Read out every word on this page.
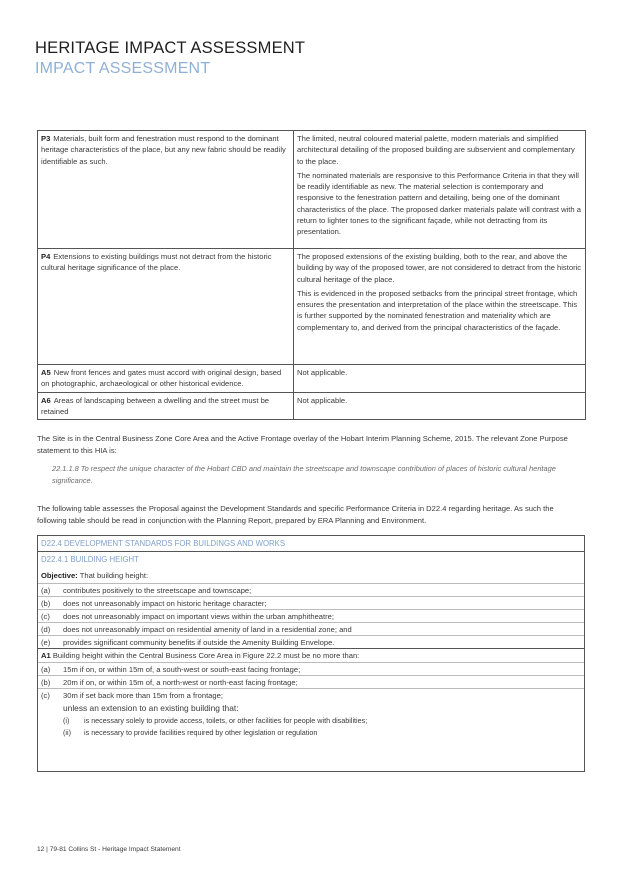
HERITAGE IMPACT ASSESSMENT
IMPACT ASSESSMENT
P3 Materials, built form and fenestration must respond to the dominant heritage characteristics of the place, but any new fabric should be readily identifiable as such.	The limited, neutral coloured material palette, modern materials and simplified architectural detailing of the proposed building are subservient and complementary to the place.

The nominated materials are responsive to this Performance Criteria in that they will be readily identifiable as new. The material selection is contemporary and responsive to the fenestration pattern and detailing, being one of the dominant characteristics of the place. The proposed darker materials palate will contrast with a return to lighter tones to the significant façade, while not detracting from its presentation.

P4 Extensions to existing buildings must not detract from the historic cultural heritage significance of the place.	The proposed extensions of the existing building, both to the rear, and above the building by way of the proposed tower, are not considered to detract from the historic cultural heritage of the place.

This is evidenced in the proposed setbacks from the principal street frontage, which ensures the presentation and interpretation of the place within the streetscape. This is further supported by the nominated fenestration and materiality which are complementary to, and derived from the principal characteristics of the façade.

A5 New front fences and gates must accord with original design, based on photographic, archaeological or other historical evidence.	Not applicable.

A6 Areas of landscaping between a dwelling and the street must be retained	Not applicable.

The Site is in the Central Business Zone Core Area and the Active Frontage overlay of the Hobart Interim Planning Scheme, 2015. The relevant Zone Purpose statement to this HIA is:

22.1.1.8 To respect the unique character of the Hobart CBD and maintain the streetscape and townscape contribution of places of historic cultural heritage significance.

The following table assesses the Proposal against the Development Standards and specific Performance Criteria in D22.4 regarding heritage. As such the following table should be read in conjunction with the Planning Report, prepared by ERA Planning and Environment.

D22.4 DEVELOPMENT STANDARDS FOR BUILDINGS AND WORKS
D22.4.1 BUILDING HEIGHT
Objective: That building height:
(a)	contributes positively to the streetscape and townscape;
(b)	does not unreasonably impact on historic heritage character;
(c)	does not unreasonably impact on important views within the urban amphitheatre;
(d)	does not unreasonably impact on residential amenity of land in a residential zone; and
(e)	provides significant community benefits if outside the Amenity Building Envelope.
A1 Building height within the Central Business Core Area in Figure 22.2 must be no more than:
(a)	15m if on, or within 15m of, a south-west or south-east facing frontage;
(b)	20m if on, or within 15m of, a north-west or north-east facing frontage;
(c)	30m if set back more than 15m from a frontage;
unless an extension to an existing building that:
(i)	is necessary solely to provide access, toilets, or other facilities for people with disabilities;
(ii)	is necessary to provide facilities required by other legislation or regulation
12 | 79-81 Collins St - Heritage Impact Statement
